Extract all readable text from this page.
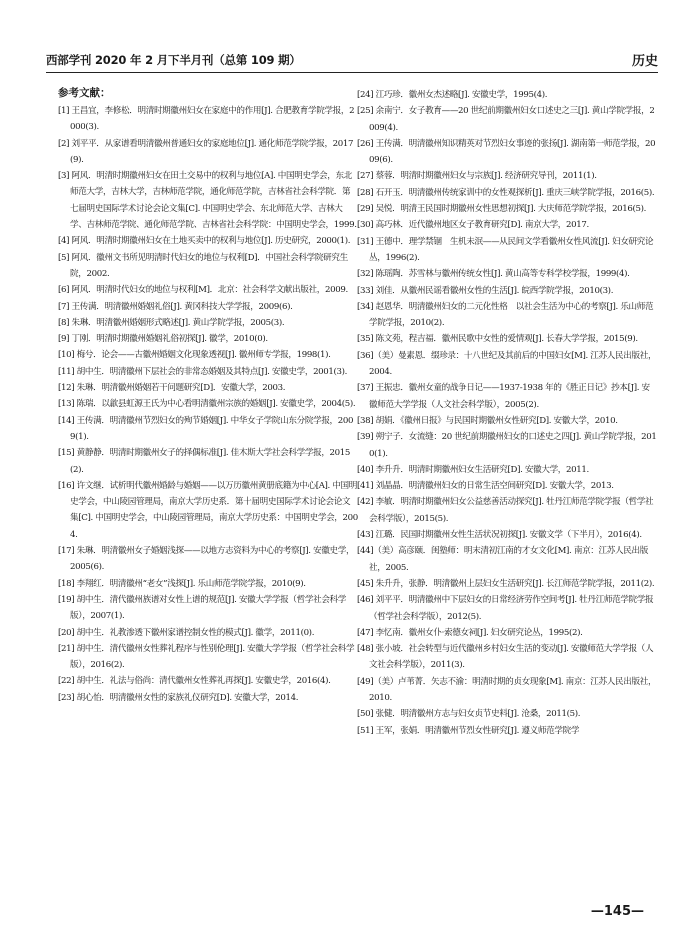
西部学刊 2020 年 2 月下半月刊（总第 109 期）	历史
参考文献：

[1] 王昌宜，李修松．明清时期徽州妇女在家庭中的作用[J]. 合肥教育学院学报，2000(3).

[2] 刘平平．从家谱看明清徽州普通妇女的家庭地位[J]. 通化师范学院学报，2017(9).

[3] 阿风．明清时期徽州妇女在田土交易中的权利与地位[A]. 中国明史学会，东北师范大学，吉林大学，吉林师范学院，通化师范学院，吉林省社会科学院．第七届明史国际学术讨论会论文集[C]. 中国明史学会、东北师范大学、吉林大学、吉林师范学院、通化师范学院、吉林省社会科学院：中国明史学会，1999.

[4] 阿风．明清时期徽州妇女在土地买卖中的权利与地位[J]. 历史研究，2000(1).

[5] 阿风．徽州文书所见明清时代妇女的地位与权利[D]．中国社会科学院研究生院，2002.

[6] 阿风．明清时代妇女的地位与权利[M]．北京：社会科学文献出版社，2009.

[7] 王传满．明清徽州婚姻礼俗[J]. 黄冈科技大学学报，2009(6).

[8] 朱琳．明清徽州婚姻形式略述[J]. 黄山学院学报，2005(3).

[9] 丁刚．明清时期徽州婚姻礼俗初探[J]. 徽学，2010(0).

[10] 梅兮．论会——古徽州婚姻文化现象透视[J]. 徽州师专学报，1998(1).

[11] 胡中生．明清徽州下层社会的非常态婚姻及其特点[J]. 安徽史学，2001(3).

[12] 朱琳．明清徽州婚姻若干问题研究[D]．安徽大学，2003.

[13] 陈瑞．以歙县虹源王氏为中心看明清徽州宗族的婚姻[J]. 安徽史学，2004(5).

[14] 王传满．明清徽州节烈妇女的殉节婚姻[J]. 中华女子学院山东分院学报，2009(1).

[15] 黄静静．明清时期徽州女子的择偶标准[J]. 佳木斯大学社会科学学报，2015(2).

[16] 许文继．试析明代徽州婚龄与婚姻——以万历徽州黄册底籍为中心[A]. 中国明史学会，中山陵园管理局，南京大学历史系．第十届明史国际学术讨论会论文集[C]. 中国明史学会，中山陵园管理局，南京大学历史系：中国明史学会，2004.

[17] 朱琳．明清徽州女子婚姻浅探——以地方志资料为中心的考察[J]. 安徽史学，2005(6).

[18] 李翔红．明清徽州“老女”浅探[J]. 乐山师范学院学报，2010(9).

[19] 胡中生．清代徽州族谱对女性上谱的规范[J]. 安徽大学学报（哲学社会科学版），2007(1).

[20] 胡中生．礼教渗透下徽州家谱控制女性的模式[J]. 徽学，2011(0).

[21] 胡中生．清代徽州女性葬礼程序与性别伦理[J]. 安徽大学学报（哲学社会科学版），2016(2).

[22] 胡中生．礼法与俗尚：清代徽州女性葬礼再探[J]. 安徽史学，2016(4).

[23] 胡心怡．明清徽州女性的家族礼仪研究[D]. 安徽大学，2014.

[24] 江巧珍．徽州女杰述略[J]. 安徽史学，1995(4).

[25] 余南宁．女子教育——20 世纪前期徽州妇女口述史之三[J]. 黄山学院学报，2009(4).

[26] 王传满．明清徽州知识精英对节烈妇女事迹的张扬[J]. 湖南第一师范学报，2009(6).

[27] 蔡蓉．明清时期徽州妇女与宗族[J]. 经济研究导刊，2011(1).

[28] 石开玉．明清徽州传统家训中的女性观探析[J]. 重庆三峡学院学报，2016(5).

[29] 吴悦．明清王民国时期徽州女性思想初探[J]. 大庆师范学院学报，2016(5).

[30] 高巧林．近代徽州地区女子教育研究[D]. 南京大学，2017.

[31] 王德中．理学禁锢　生机未泯——从民间文学看徽州女性风流[J]. 妇女研究论丛，1996(2).

[32] 陈瑶陶．苏雪林与徽州传统女性[J]. 黄山高等专科学校学报，1999(4).

[33] 刘佳．从徽州民谣看徽州女性的生活[J]. 皖西学院学报，2010(3).

[34] 赵恩华．明清徽州妇女的二元化性格　以社会生活为中心的考察[J]. 乐山师范学院学报，2010(2).

[35] 陈文苑，程吉福．徽州民歌中女性的爱情观[J]. 长春大学学报，2015(9).

[36]（美）曼素恩．缀珍录：十八世纪及其前后的中国妇女[M]. 江苏人民出版社，2004.

[37] 王振忠．徽州女童的战争日记——1937-1938 年的《胜正日记》抄本[J]. 安徽师范大学学报（人文社会科学版），2005(2).

[38] 胡娟．《徽州日报》与民国时期徽州女性研究[D]. 安徽大学，2010.

[39] 朔宁子．女流缝：20 世纪前期徽州妇女的口述史之四[J]. 黄山学院学报，2010(1).

[40] 李升升．明清时期徽州妇女生活研究[D]. 安徽大学，2011.

[41] 刘晶晶．明清徽州妇女的日常生活空间研究[D]. 安徽大学，2013.

[42] 李敏．明清时期徽州妇女公益慈善活动探究[J]. 牡丹江师范学院学报（哲学社会科学版），2015(5).

[43] 江璐．民国时期徽州女性生活状况初探[J]. 安徽文学（下半月），2016(4).

[44]（美）高彦颐．闺塾师：明末清初江南的才女文化[M]. 南京：江苏人民出版社，2005.

[45] 朱升升，张静．明清徽州上层妇女生活研究[J]. 长江师范学院学报，2011(2).

[46] 刘平平．明清徽州中下层妇女的日常经济劳作空间考[J]. 牡丹江师范学院学报（哲学社会科学版），2012(5).

[47] 李忆南．徽州女仆·索德女祠[J]. 妇女研究论丛，1995(2).

[48] 张小坡．社会转型与近代徽州乡村妇女生活的变动[J]. 安徽师范大学学报（人文社会科学版），2011(3).

[49]（美）卢苇菁．矢志不渝：明清时期的贞女现象[M]. 南京：江苏人民出版社，2010.

[50] 张健．明清徽州方志与妇女贞节史料[J]. 沧桑，2011(5).

[51] 王军，张娟．明清徽州节烈女性研究[J]. 遵义师范学院学

—145—
